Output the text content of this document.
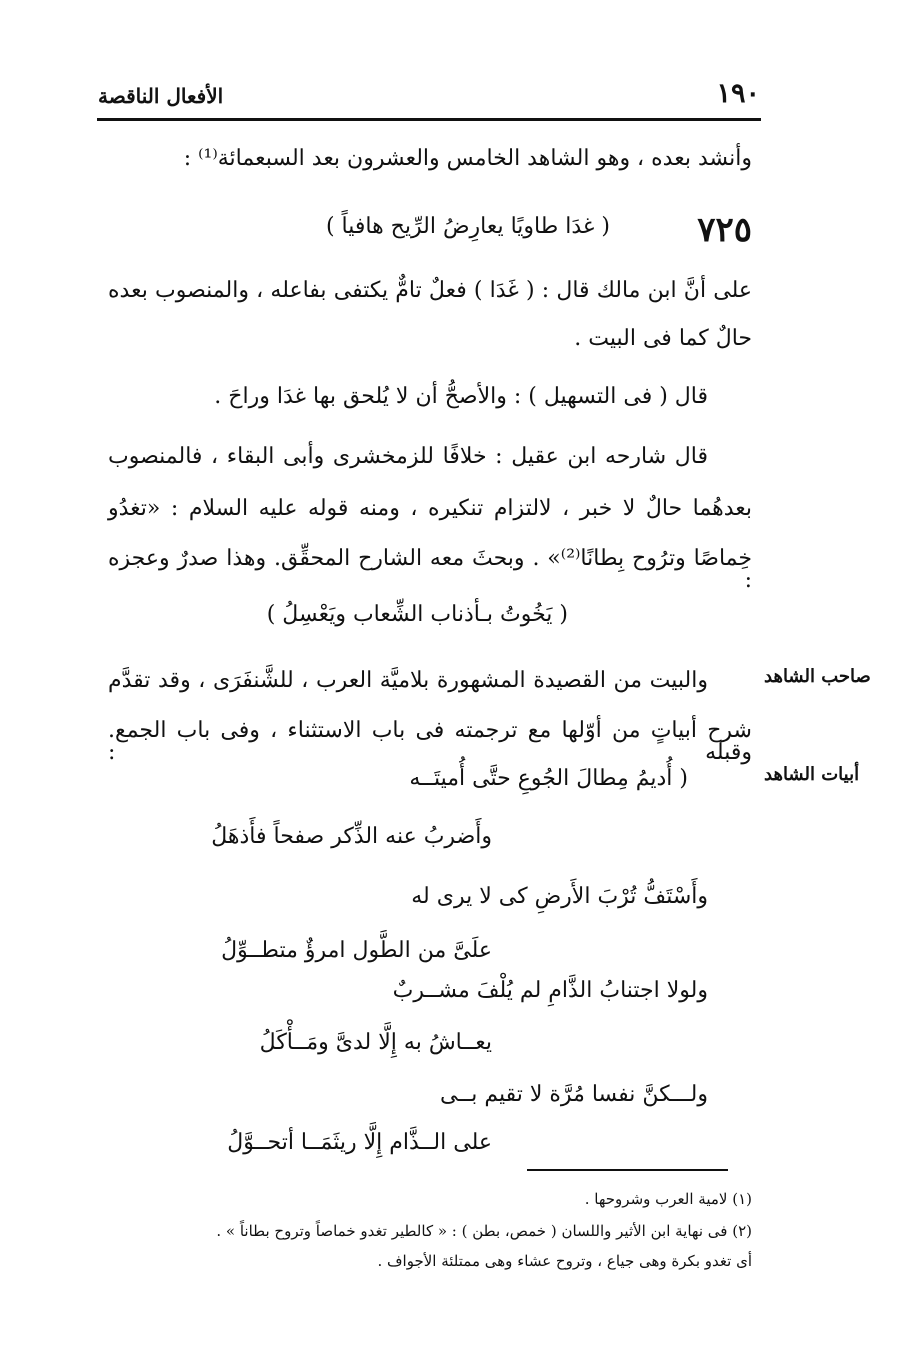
١٩٠
الأفعال الناقصة
وأنشد بعده ، وهو الشاهد الخامس والعشرون بعد السبعمائة⁽¹⁾ :
٧٢٥
( غدَا طاويًا يعارِضُ الرِّيح هافياً )
على أنَّ ابن مالك قال : ( غَدَا ) فعلٌ تامٌّ يكتفى بفاعله ، والمنصوب بعده
حالٌ كما فى البيت .
قال ( فى التسهيل ) : والأصحُّ أن لا يُلحق بها غدَا وراحَ .
قال شارحه ابن عقيل : خلافًا للزمخشرى وأبى البقاء ، فالمنصوب
بعدهُما حالٌ لا خبر ، لالتزام تنكيره ، ومنه قوله عليه السلام : «تغدُو
خِماصًا وترُوح بِطانًا⁽²⁾» . وبحثَ معه الشارح المحقِّق. وهذا صدرٌ وعجزه :
( يَخُوتُ بـأذناب الشِّعاب ويَعْسِلُ )
صاحب الشاهد
والبيت من القصيدة المشهورة بلاميَّة العرب ، للشَّنفَرَى ، وقد تقدَّم
شرح أبياتٍ من أوّلها مع ترجمته فى باب الاستثناء ، وفى باب الجمع. وقبله :
أبيات الشاهد
( أُديمُ مِطالَ الجُوعِ حتَّى أُميتَــه
وأَضربُ عنه الذِّكر صفحاً فأَذهَلُ
وأَسْتَفُّ تُرْبَ الأَرضِ كى لا يرى له
علَىَّ من الطَّول امرؤٌ متطــوِّلُ
ولولا اجتنابُ الذَّامِ لم يُلْفَ مشــربٌ
يعــاشُ به إِلَّا لدىَّ ومَــأْكَلُ
ولـــكنَّ نفسا مُرَّة لا تقيم بــى
على الــذَّام إِلَّا ريثَمَــا أتحــوَّلُ
(١) لامية العرب وشروحها .
(٢) فى نهاية ابن الأثير واللسان ( خمص، بطن ) : « كالطير تغدو خماصاً وتروح بطاناً » .
أى تغدو بكرة وهى جياع ، وتروح عشاء وهى ممتلئة الأجواف .
